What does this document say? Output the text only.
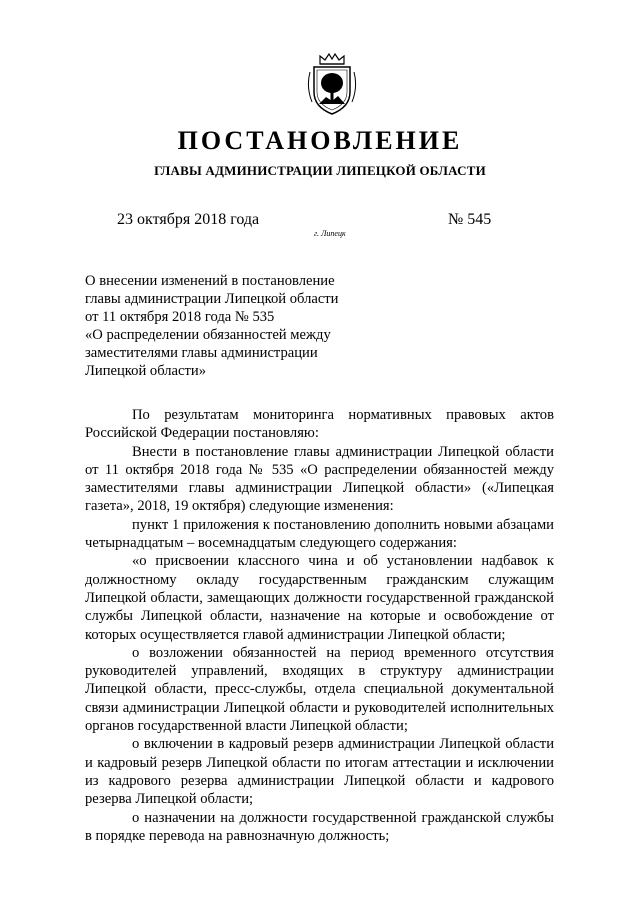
ПОСТАНОВЛЕНИЕ
ГЛАВЫ АДМИНИСТРАЦИИ ЛИПЕЦКОЙ ОБЛАСТИ
23 октября 2018 года
г. Липецк
№ 545
О внесении изменений в постановление
главы администрации Липецкой области
от 11 октября 2018 года № 535
«О распределении обязанностей между
заместителями главы администрации
Липецкой области»

По результатам мониторинга нормативных правовых актов Российской Федерации постановляю:

Внести в постановление главы администрации Липецкой области от 11 октября 2018 года № 535 «О распределении обязанностей между заместителями главы администрации Липецкой области» («Липецкая газета», 2018, 19 октября) следующие изменения:

пункт 1 приложения к постановлению дополнить новыми абзацами четырнадцатым – восемнадцатым следующего содержания:

«о присвоении классного чина и об установлении надбавок к должностному окладу государственным гражданским служащим Липецкой области, замещающих должности государственной гражданской службы Липецкой области, назначение на которые и освобождение от которых осуществляется главой администрации Липецкой области;

о возложении обязанностей на период временного отсутствия руководителей управлений, входящих в структуру администрации Липецкой области, пресс-службы, отдела специальной документальной связи администрации Липецкой области и руководителей исполнительных органов государственной власти Липецкой области;

о включении в кадровый резерв администрации Липецкой области и кадровый резерв Липецкой области по итогам аттестации и исключении из кадрового резерва администрации Липецкой области и кадрового резерва Липецкой области;

о назначении на должности государственной гражданской службы в порядке перевода на равнозначную должность;
